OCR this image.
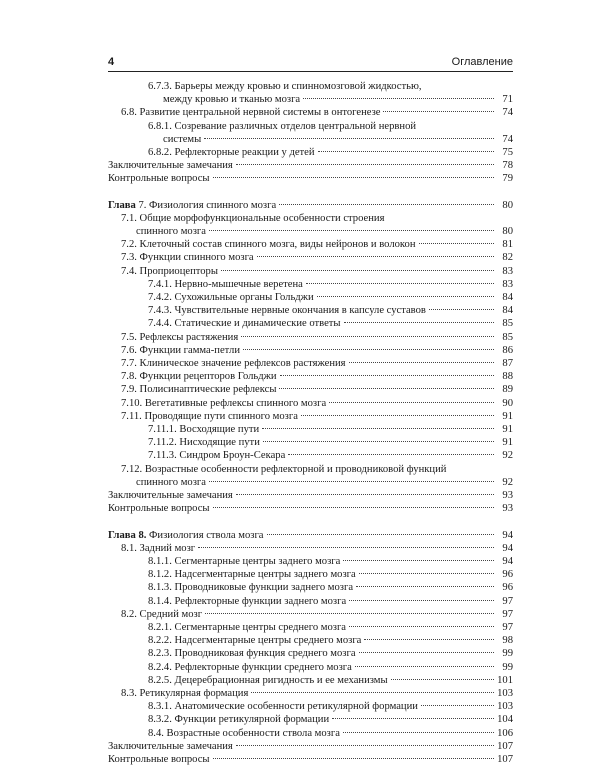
4	Оглавление
6.7.3. Барьеры между кровью и спинномозговой жидкостью,
между кровью и тканью мозга	71
6.8. Развитие центральной нервной системы в онтогенезе	74
6.8.1. Созревание различных отделов центральной нервной
системы	74
6.8.2. Рефлекторные реакции у детей	75
Заключительные замечания	78
Контрольные вопросы	79
Глава 7. Физиология спинного мозга	80
7.1. Общие морфофункциональные особенности строения
спинного мозга	80
7.2. Клеточный состав спинного мозга, виды нейронов и волокон	81
7.3. Функции спинного мозга	82
7.4. Проприоцепторы	83
7.4.1. Нервно-мышечные веретена	83
7.4.2. Сухожильные органы Гольджи	84
7.4.3. Чувствительные нервные окончания в капсуле суставов	84
7.4.4. Статические и динамические ответы	85
7.5. Рефлексы растяжения	85
7.6. Функции гамма-петли	86
7.7. Клиническое значение рефлексов растяжения	87
7.8. Функции рецепторов Гольджи	88
7.9. Полисинаптические рефлексы	89
7.10. Вегетативные рефлексы спинного мозга	90
7.11. Проводящие пути спинного мозга	91
7.11.1. Восходящие пути	91
7.11.2. Нисходящие пути	91
7.11.3. Синдром Броун-Секара	92
7.12. Возрастные особенности рефлекторной и проводниковой функций
спинного мозга	92
Заключительные замечания	93
Контрольные вопросы	93
Глава 8. Физиология ствола мозга	94
8.1. Задний мозг	94
8.1.1. Сегментарные центры заднего мозга	94
8.1.2. Надсегментарные центры заднего мозга	96
8.1.3. Проводниковые функции заднего мозга	96
8.1.4. Рефлекторные функции заднего мозга	97
8.2. Средний мозг	97
8.2.1. Сегментарные центры среднего мозга	97
8.2.2. Надсегментарные центры среднего мозга	98
8.2.3. Проводниковая функция среднего мозга	99
8.2.4. Рефлекторные функции среднего мозга	99
8.2.5. Децеребрационная ригидность и ее механизмы	101
8.3. Ретикулярная формация	103
8.3.1. Анатомические особенности ретикулярной формации	103
8.3.2. Функции ретикулярной формации	104
8.4. Возрастные особенности ствола мозга	106
Заключительные замечания	107
Контрольные вопросы	107
